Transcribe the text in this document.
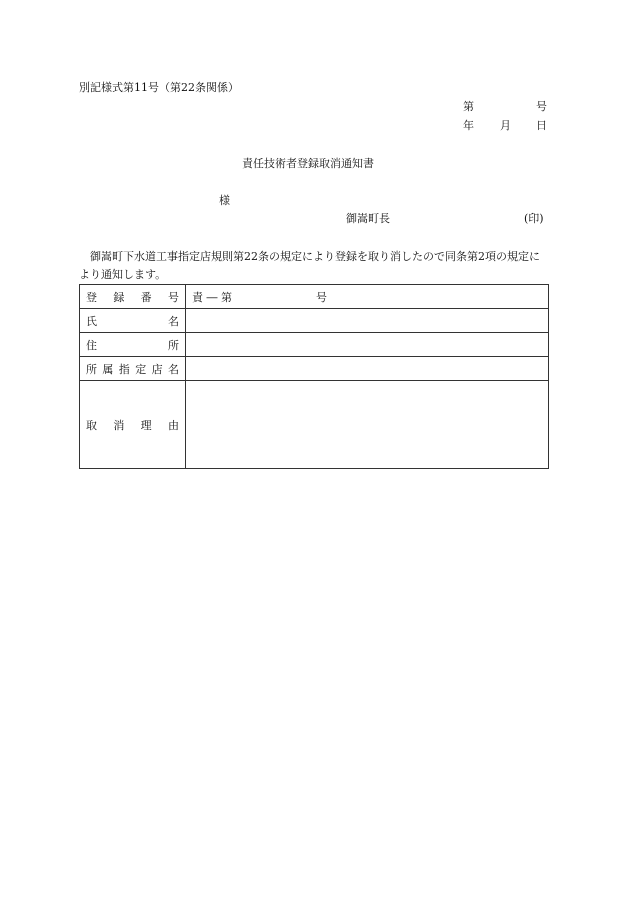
別記様式第11号（第22条関係）
第	号
年 月 日
責任技術者登録取消通知書
様
御嵩町長	(印)

御嵩町下水道工事指定店規則第22条の規定により登録を取り消したので同条第2項の規定により通知します。

登 録 番 号	責 ― 第 号

氏 名	
住 所	
所属指定店名	
取 消 理 由	
